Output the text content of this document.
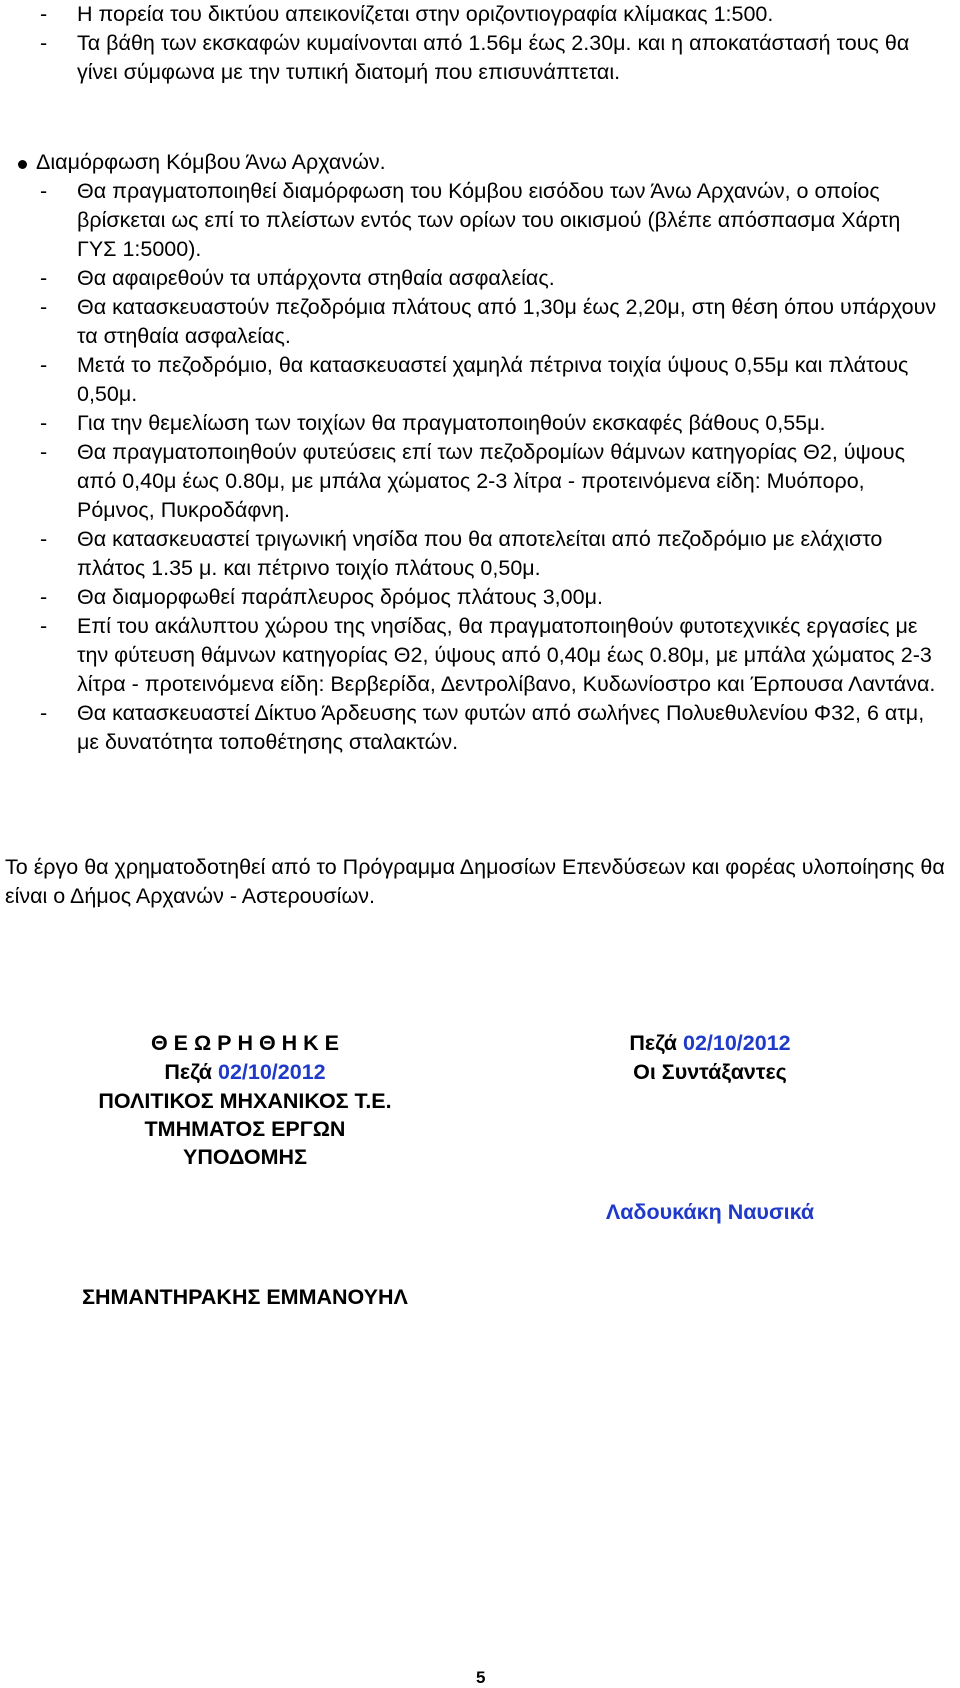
- Η πορεία του δικτύου απεικονίζεται στην οριζοντιογραφία κλίμακας 1:500.
- Τα βάθη των εκσκαφών κυμαίνονται από 1.56μ έως 2.30μ. και η αποκατάστασή τους θα γίνει σύμφωνα με την τυπική διατομή που επισυνάπτεται.
Διαμόρφωση Κόμβου Άνω Αρχανών.
- Θα πραγματοποιηθεί διαμόρφωση του Κόμβου εισόδου των Άνω Αρχανών, ο οποίος βρίσκεται ως επί το πλείστων εντός των ορίων του οικισμού (βλέπε απόσπασμα Χάρτη ΓΥΣ 1:5000).
- Θα αφαιρεθούν τα υπάρχοντα στηθαία ασφαλείας.
- Θα κατασκευαστούν πεζοδρόμια πλάτους από 1,30μ έως 2,20μ, στη θέση όπου υπάρχουν τα στηθαία ασφαλείας.
- Μετά το πεζοδρόμιο, θα κατασκευαστεί χαμηλά πέτρινα τοιχία ύψους 0,55μ και πλάτους 0,50μ.
- Για την θεμελίωση των τοιχίων θα πραγματοποιηθούν εκσκαφές βάθους 0,55μ.
- Θα πραγματοποιηθούν φυτεύσεις επί των πεζοδρομίων θάμνων κατηγορίας Θ2, ύψους από 0,40μ έως 0.80μ, με μπάλα χώματος 2-3 λίτρα - προτεινόμενα είδη: Μυόπορο, Ρόμνος, Πυκροδάφνη.
- Θα κατασκευαστεί τριγωνική νησίδα που θα αποτελείται από πεζοδρόμιο με ελάχιστο πλάτος 1.35 μ. και πέτρινο τοιχίο πλάτους 0,50μ.
- Θα διαμορφωθεί παράπλευρος δρόμος πλάτους 3,00μ.
- Επί του ακάλυπτου χώρου της νησίδας, θα πραγματοποιηθούν φυτοτεχνικές εργασίες με την φύτευση θάμνων κατηγορίας Θ2, ύψους από 0,40μ έως 0.80μ, με μπάλα χώματος 2-3 λίτρα - προτεινόμενα είδη: Βερβερίδα, Δεντρολίβανο, Κυδωνίοστρο και Έρπουσα Λαντάνα.
- Θα κατασκευαστεί Δίκτυο Άρδευσης των φυτών από σωλήνες Πολυεθυλενίου Φ32, 6 ατμ, με δυνατότητα τοποθέτησης σταλακτών.

Το έργο θα χρηματοδοτηθεί από το Πρόγραμμα Δημοσίων Επενδύσεων και φορέας υλοποίησης θα είναι ο Δήμος Αρχανών - Αστερουσίων.

Θ Ε Ω Ρ Η Θ Η Κ Ε
Πεζά 02/10/2012
ΠΟΛΙΤΙΚΟΣ ΜΗΧΑΝΙΚΟΣ Τ.Ε.
ΤΜΗΜΑΤΟΣ ΕΡΓΩΝ
ΥΠΟΔΟΜΗΣ
ΣΗΜΑΝΤΗΡΑΚΗΣ ΕΜΜΑΝΟΥΗΛ
Πεζά 02/10/2012
Οι Συντάξαντες
Λαδουκάκη Ναυσικά
5
